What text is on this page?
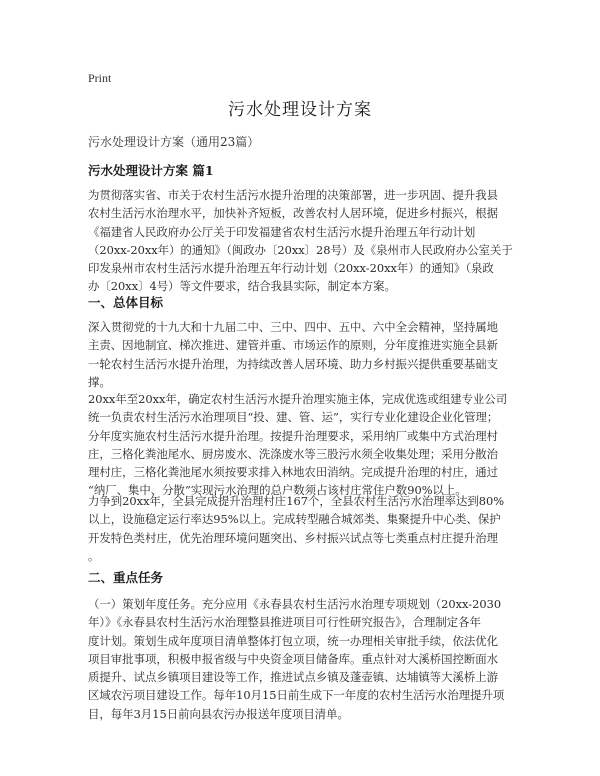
Print
污水处理设计方案
污水处理设计方案（通用23篇）
污水处理设计方案 篇1
为贯彻落实省、市关于农村生活污水提升治理的决策部署，进一步巩固、提升我县
农村生活污水治理水平，加快补齐短板，改善农村人居环境，促进乡村振兴，根据
《福建省人民政府办公厅关于印发福建省农村生活污水提升治理五年行动计划
（20xx-20xx年）的通知》（闽政办〔20xx〕28号）及《泉州市人民政府办公室关于
印发泉州市农村生活污水提升治理五年行动计划（20xx-20xx年）的通知》（泉政
办〔20xx〕4号）等文件要求，结合我县实际，制定本方案。
一、总体目标
深入贯彻党的十九大和十九届二中、三中、四中、五中、六中全会精神，坚持属地
主责、因地制宜、梯次推进、建管并重、市场运作的原则，分年度推进实施全县新
一轮农村生活污水提升治理，为持续改善人居环境、助力乡村振兴提供重要基础支
撑。
20xx年至20xx年，确定农村生活污水提升治理实施主体，完成优选或组建专业公司
统一负责农村生活污水治理项目“投、建、管、运”，实行专业化建设企业化管理；
分年度实施农村生活污水提升治理。按提升治理要求，采用纳厂或集中方式治理村
庄，三格化粪池尾水、厨房废水、洗涤废水等三股污水须全收集处理；采用分散治
理村庄，三格化粪池尾水须按要求排入林地农田消纳。完成提升治理的村庄，通过
“纳厂、集中、分散”实现污水治理的总户数须占该村庄常住户数90%以上。
力争到20xx年，全县完成提升治理村庄167个，全县农村生活污水治理率达到80%
以上，设施稳定运行率达95%以上。完成转型融合城郊类、集聚提升中心类、保护
开发特色类村庄，优先治理环境问题突出、乡村振兴试点等七类重点村庄提升治理
。
二、重点任务
（一）策划年度任务。充分应用《永春县农村生活污水治理专项规划（20xx-2030
年）》《永春县农村生活污水治理整县推进项目可行性研究报告》，合理制定各年
度计划。策划生成年度项目清单整体打包立项，统一办理相关审批手续，依法优化
项目审批事项，积极申报省级与中央资金项目储备库。重点针对大溪桥国控断面水
质提升、试点乡镇项目建设等工作，推进试点乡镇及蓬壶镇、达埔镇等大溪桥上游
区域农污项目建设工作。每年10月15日前生成下一年度的农村生活污水治理提升项
目，每年3月15日前向县农污办报送年度项目清单。
